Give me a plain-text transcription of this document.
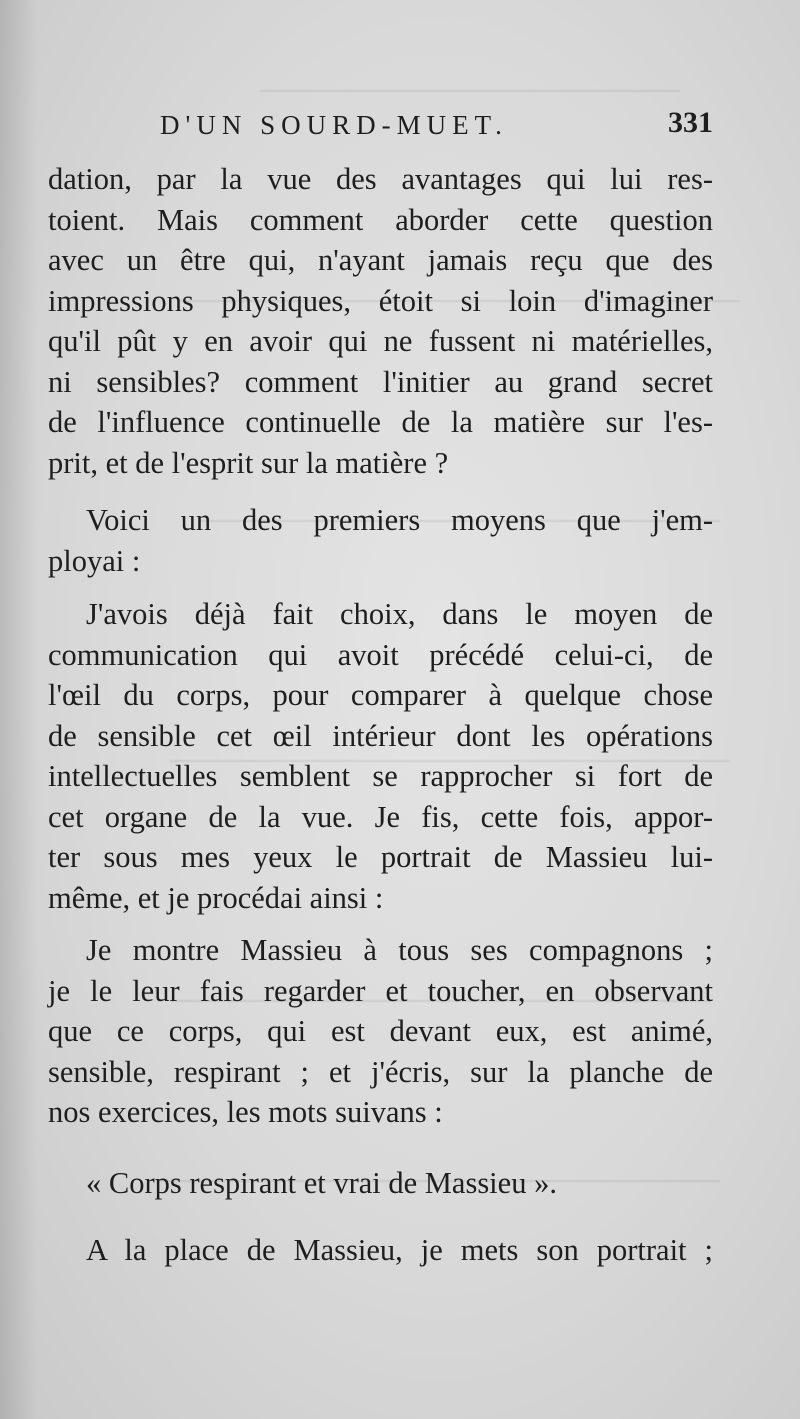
D'UN SOURD-MUET.	331
dation, par la vue des avantages qui lui res-
toient. Mais comment aborder cette question
avec un être qui, n'ayant jamais reçu que des
impressions physiques, étoit si loin d'imaginer
qu'il pût y en avoir qui ne fussent ni matérielles,
ni sensibles? comment l'initier au grand secret
de l'influence continuelle de la matière sur l'es-
prit, et de l'esprit sur la matière ?
Voici un des premiers moyens que j'em-
ployai :
J'avois déjà fait choix, dans le moyen de
communication qui avoit précédé celui-ci, de
l'œil du corps, pour comparer à quelque chose
de sensible cet œil intérieur dont les opérations
intellectuelles semblent se rapprocher si fort de
cet organe de la vue. Je fis, cette fois, appor-
ter sous mes yeux le portrait de Massieu lui-
même, et je procédai ainsi :
Je montre Massieu à tous ses compagnons ;
je le leur fais regarder et toucher, en observant
que ce corps, qui est devant eux, est animé,
sensible, respirant ; et j'écris, sur la planche de
nos exercices, les mots suivans :
« Corps respirant et vrai de Massieu ».
A la place de Massieu, je mets son portrait ;
